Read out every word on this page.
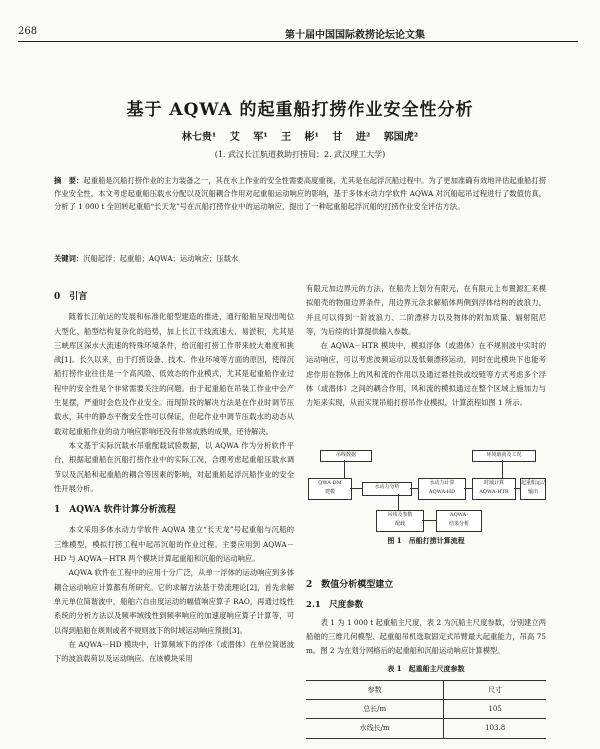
268	第十届中国国际救捞论坛论文集
基于 AQWA 的起重船打捞作业安全性分析
林七贵¹ 艾 军¹ 王 彬¹ 甘 进² 郭国虎²
(1. 武汉长江航道救助打捞局；2. 武汉理工大学)
摘　要：起重船是沉船打捞作业的主力装备之一，其在水上作业的安全性需要高度重视，尤其是在起浮沉船过程中。为了更加准确有效地评估起重船打捞作业安全性，本文考虑起重船压载水分配以及沉船耦合作用对起重船运动响应的影响，基于多体水动力学软件 AQWA 对沉船起吊过程进行了数值仿真，分析了 1 000 t 全回转起重船“长天龙”号在沉船打捞作业中的运动响应，提出了一种起重船起浮沉船的打捞作业安全评估方法。
关键词：沉船起浮；起重船；AQWA；运动响应；压载水
0　引言

随着长江航运的发展和标准化船型建造的推进，通行船舶呈现出吨位大型化、船型结构复杂化的趋势，加上长江干线流速大、易淤积，尤其是三峡库区深水大流速的特殊环境条件，给沉船打捞工作带来较大难度和挑战[1]。长久以来，由于打捞设备、技术、作业环境等方面的原因，使得沉船打捞作业往往是一个高风险、低效态的作业模式，尤其是起重船作业过程中的安全性是个非常需要关注的问题。由于起重船在吊装工作业中会产生晃摆，严重时会危及作业安全。而现阶段的解决方法是在作业时调节压载水，其中的静态平衡安全性可以保证，但起作业中调节压载水的动态从载对起重船作业的动力响应影响还没有非常成熟的成果，还待解决。

本文基于实际沉载水吊重配载试验数据，以 AQWA 作为分析软件平台，根据起重船在沉船打捞作业中的实际工况，合理考虑起重船压载水调节以及沉船和起重船的耦合等因素的影响，对起重船起浮沉船作业的安全性开展分析。

1　AQWA 软件计算分析流程

本文采用多体水动力学软件 AQWA 建立“长天龙”号起重船与沉船的三维模型，模拟打捞工程中起吊沉船的作业过程。主要应用到 AQWA－HD 与 AQWA－HTR 两个模块计算起重船和沉船的运动响应。

AQWA 软件在工程中的应用十分广泛，从单一浮体的运动响应到多体耦合运动响应计算都有所研究。它的求解方法基于势流理论[2]，首先求解单元单位简谐波中，船舶六自由度运动的幅值响应算子 RAO，再通过线性系统的分析方法以及频率域线性到频率响应的加速度响应算子计算等，可以得到船舶在规则或者不规则波下的时域运动响应预报[3]。

在 AQWA－HD 模块中，计算频域下的浮体（或潜体）在单位简谐波下的波浪载荷以及运动响应。在该模块采用

有限元加边界元的方法，在船壳上划分有限元，在有限元上布置源汇来模拟船壳的物面边界条件，用边界元法求解船体两侧到浮体结构的波浪力，并且可以得到一阶波浪力、二阶漂移力以及物体的附加质量、辐射阻尼等，为后续的计算提供输入参数。

在 AQWA－HTR 模块中，模拟浮体（或潜体）在不规则波中实时的运动响应，可以考虑波频运动以及低频漂移运动，同时在此模块下也能考虑作用在物体上的风和流的作用以及通过悬挂铁或绞链等方式考虑多个浮体（或潜体）之间的耦合作用，风和流的模拟通过在整个区域上施加力与力矩来实现，从而实现吊船打捞吊作业模拟，计算流程如图 1 所示。

吊线数据	环境载荷及工况
QWA-DM
建模
水动力分析
水动力计算
AQWA-HD
时域计算
AQWA-HTR
起重船运动
输出
吊线及参数
配载
AQWA-
结果分析
图 1　吊船打捞计算流程
2　数值分析模型建立
2.1　尺度参数

表 1 为 1 000 t 起重船主尺度，表 2 为沉船主尺度参数，分别建立两船舶的三维几何模型、起重船吊机选取固定式吊臂最大起重能力，吊高 75 m。图 2 为在划分网格后的起重船和沉船运动响应计算模型。

表 1　起重船主尺度参数
参数	尺寸
总长/m	105
水线长/m	103.8
